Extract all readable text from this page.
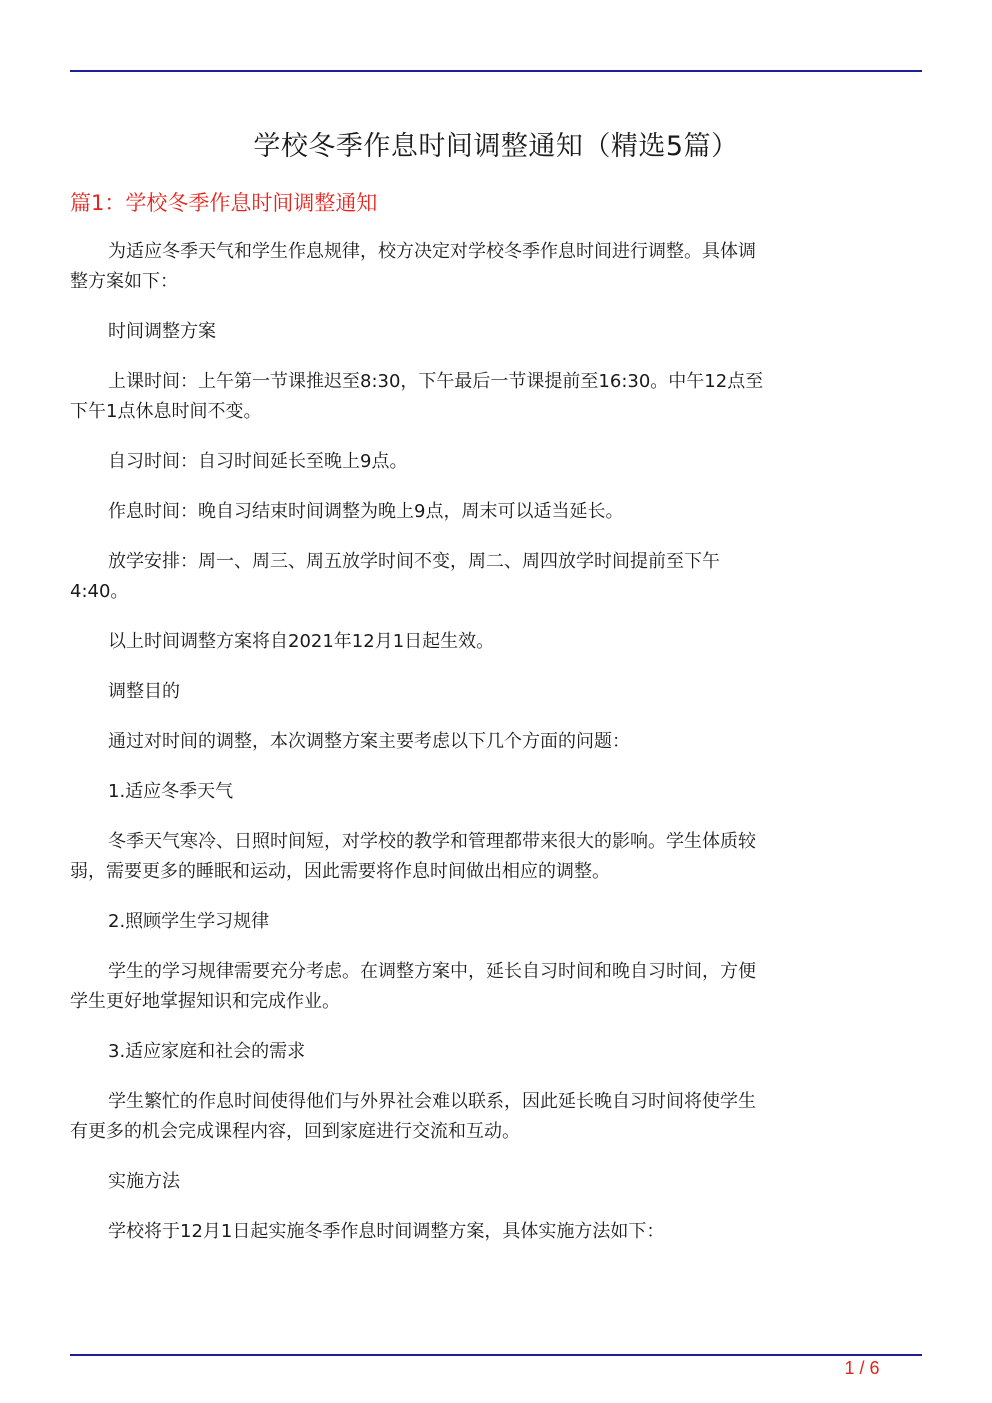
学校冬季作息时间调整通知（精选5篇）
篇1：学校冬季作息时间调整通知

为适应冬季天气和学生作息规律，校方决定对学校冬季作息时间进行调整。具体调整方案如下：

时间调整方案

上课时间：上午第一节课推迟至8:30，下午最后一节课提前至16:30。中午12点至下午1点休息时间不变。

自习时间：自习时间延长至晚上9点。

作息时间：晚自习结束时间调整为晚上9点，周末可以适当延长。

放学安排：周一、周三、周五放学时间不变，周二、周四放学时间提前至下午4:40。

以上时间调整方案将自2021年12月1日起生效。

调整目的

通过对时间的调整，本次调整方案主要考虑以下几个方面的问题：

1.适应冬季天气

冬季天气寒冷、日照时间短，对学校的教学和管理都带来很大的影响。学生体质较弱，需要更多的睡眠和运动，因此需要将作息时间做出相应的调整。

2.照顾学生学习规律

学生的学习规律需要充分考虑。在调整方案中，延长自习时间和晚自习时间，方便学生更好地掌握知识和完成作业。

3.适应家庭和社会的需求

学生繁忙的作息时间使得他们与外界社会难以联系，因此延长晚自习时间将使学生有更多的机会完成课程内容，回到家庭进行交流和互动。

实施方法

学校将于12月1日起实施冬季作息时间调整方案，具体实施方法如下：

1 / 6
